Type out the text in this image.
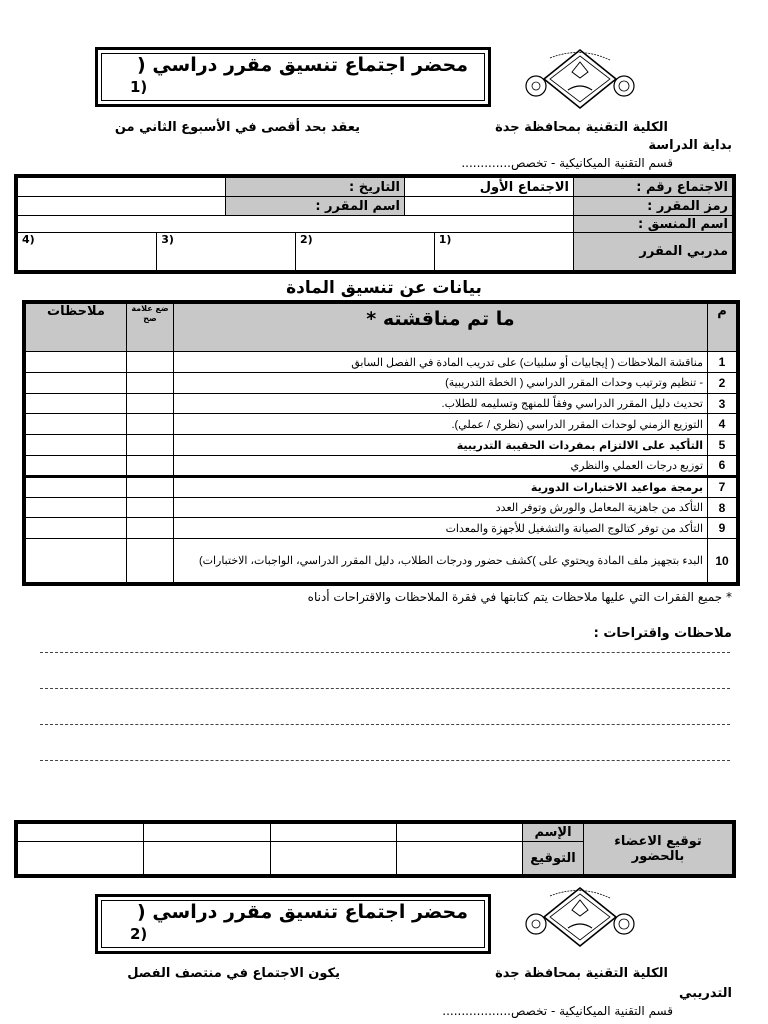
محضر اجتماع تنسيق مقرر دراسي (
1)
الكلية التقنية بمحافظة جدة
يعقد بحد أقصى في الأسبوع الثاني من
بداية الدراسة
قسم التقنية الميكانيكية - تخصص.............
الاجتماع رقم :	الاجتماع الأول	التاريخ :	
رمز المقرر :		اسم المقرر :	
اسم المنسق :	
مدربي المقرر	
(1	(2	(3	(4
بيانات عن تنسيق المادة
م	ما تم مناقشته *	ضع علامة صح	ملاحظات
1	مناقشة الملاحظات ( إيجابيات أو سلبيات) على تدريب المادة في الفصل السابق		
2	- تنظيم وترتيب وحدات المقرر الدراسي ( الخطة التدريبية)		
3	تحديث دليل المقرر الدراسي وفقاً للمنهج وتسليمه للطلاب.		
4	التوزيع الزمني لوحدات المقرر الدراسي (نظري / عملي).		
5	التأكيد على الالتزام بمفردات الحقيبة التدريبية		
6	توزيع درجات العملي والنظري		
7	برمجة مواعيد الاختبارات الدورية		
8	التأكد من جاهزية المعامل والورش وتوفر العدد		
9	التأكد من توفر كتالوج الصيانة والتشغيل للأجهزة والمعدات		
10	البدء بتجهيز ملف المادة ويحتوي على )كشف حضور ودرجات الطلاب، دليل المقرر الدراسي، الواجبات، الاختبارات)		
* جميع الفقرات التي عليها ملاحظات يتم كتابتها في فقرة الملاحظات والاقتراحات أدناه
ملاحظات واقتراحات :
توقيع الاعضاء بالحضور	الإسم				
	التوقيع				
محضر اجتماع تنسيق مقرر دراسي (
2)
الكلية التقنية بمحافظة جدة
يكون الاجتماع في منتصف الفصل
التدريبي
قسم التقنية الميكانيكية - تخصص..................
